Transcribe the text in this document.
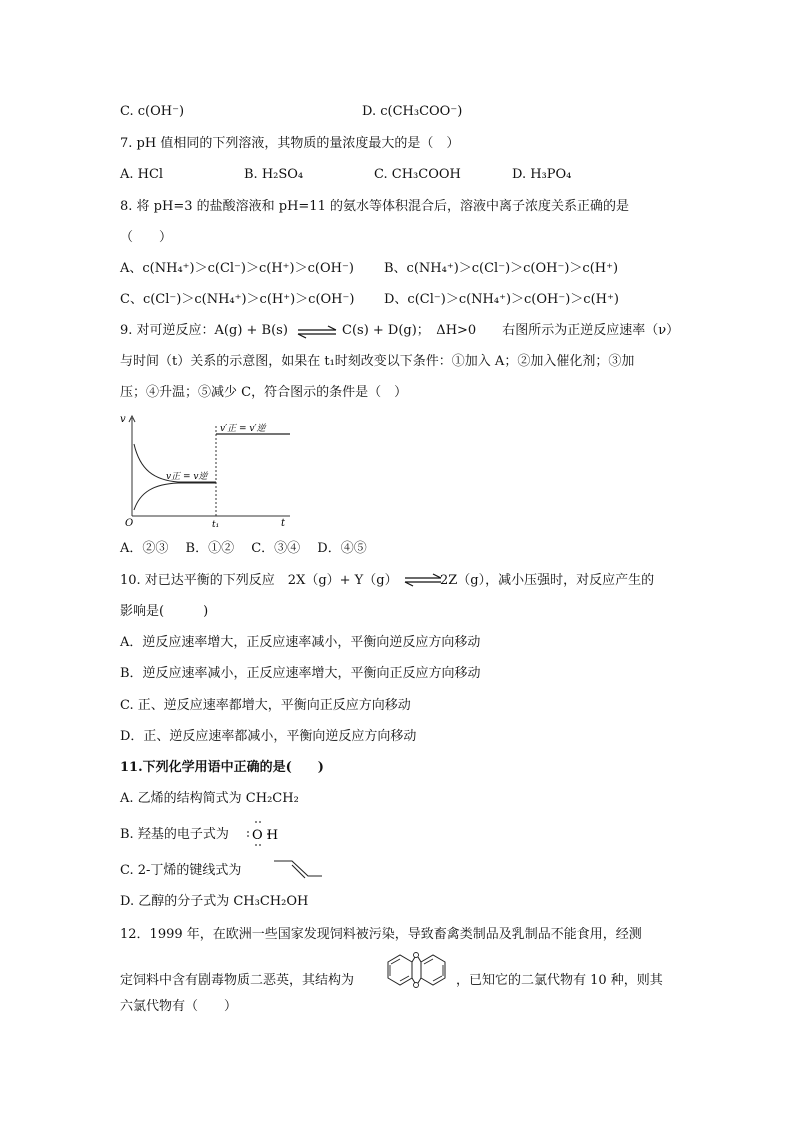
C. c(OH⁻)	D. c(CH₃COO⁻)
7. pH 值相同的下列溶液，其物质的量浓度最大的是（　）
A. HCl	B. H₂SO₄	C. CH₃COOH	D. H₃PO₄
8. 将 pH=3 的盐酸溶液和 pH=11 的氨水等体积混合后，溶液中离子浓度关系正确的是
（　　）
A、c(NH₄⁺)＞c(Cl⁻)＞c(H⁺)＞c(OH⁻) B、c(NH₄⁺)＞c(Cl⁻)＞c(OH⁻)＞c(H⁺)
C、c(Cl⁻)＞c(NH₄⁺)＞c(H⁺)＞c(OH⁻) D、c(Cl⁻)＞c(NH₄⁺)＞c(OH⁻)＞c(H⁺)
9. 对可逆反应：A(g) + B(s) ⇌ C(s) + D(g)；　ΔH>0　　右图所示为正逆反应速率（ν）
与时间（t）关系的示意图，如果在 t₁时刻改变以下条件：①加入 A；②加入催化剂；③加
压；④升温；⑤减少 C，符合图示的条件是（　）
v
O	t₁	t
v正 = v逆
v′正 = v′逆
A．②③　 B．①②　 C．③④　 D．④⑤
10. 对已达平衡的下列反应　2X（g）+ Y（g） ⇌
2Z（g），减小压强时，对反应产生的
影响是(　　　)
A．逆反应速率增大，正反应速率减小，平衡向逆反应方向移动
B．逆反应速率减小，正反应速率增大，平衡向正反应方向移动
C. 正、逆反应速率都增大，平衡向正反应方向移动
D．正、逆反应速率都减小，平衡向逆反应方向移动
11.下列化学用语中正确的是(　　)
A. 乙烯的结构简式为 CH₂CH₂
B. 羟基的电子式为 O H
C. 2-丁烯的键线式为
D. 乙醇的分子式为 CH₃CH₂OH
12．1999 年，在欧洲一些国家发现饲料被污染，导致畜禽类制品及乳制品不能食用，经测
定饲料中含有剧毒物质二恶英，其结构为	，已知它的二氯代物有 10 种，则其
六氯代物有（　　）
